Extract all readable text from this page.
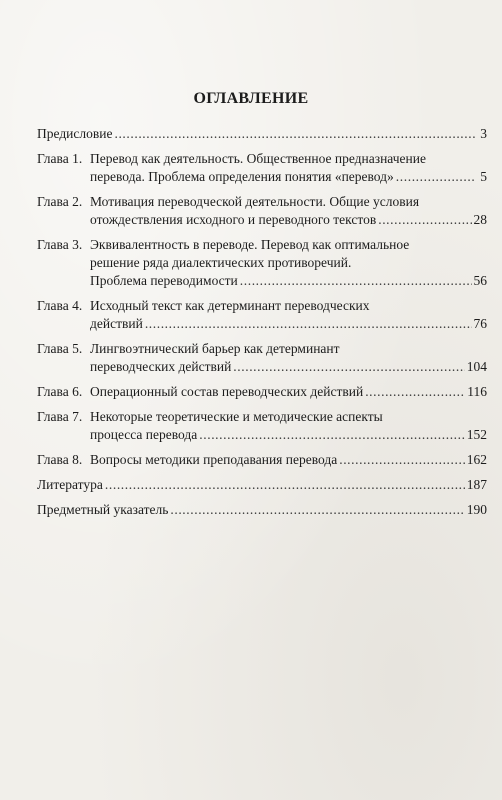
ОГЛАВЛЕНИЕ
Предисловие .....	3
Глава 1. Перевод как деятельность. Общественное предназначение
перевода. Проблема определения понятия «перевод» .....	5
Глава 2. Мотивация переводческой деятельности. Общие условия
отождествления исходного и переводного текстов .....	28
Глава 3. Эквивалентность в переводе. Перевод как оптимальное
решение ряда диалектических противоречий.
Проблема переводимости .....	56
Глава 4. Исходный текст как детерминант переводческих
действий .....	76
Глава 5. Лингвоэтнический барьер как детерминант
переводческих действий .....	104
Глава 6. Операционный состав переводческих действий .....	116
Глава 7. Некоторые теоретические и методические аспекты
процесса перевода .....	152
Глава 8. Вопросы методики преподавания перевода .....	162
Литература .....	187
Предметный указатель .....	190
